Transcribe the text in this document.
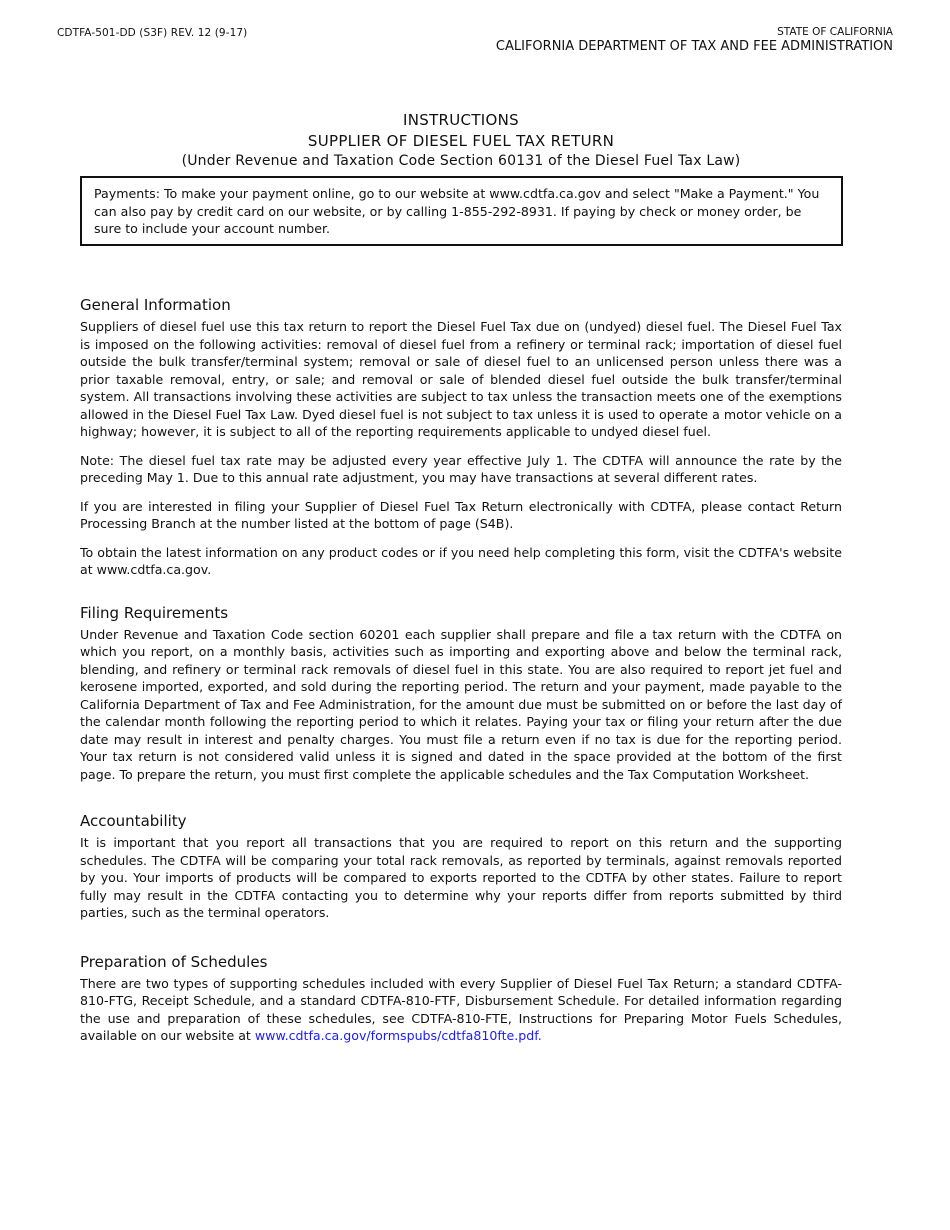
CDTFA-501-DD (S3F) REV. 12 (9-17)	STATE OF CALIFORNIA
CALIFORNIA DEPARTMENT OF TAX AND FEE ADMINISTRATION
INSTRUCTIONS
SUPPLIER OF DIESEL FUEL TAX RETURN
(Under Revenue and Taxation Code Section 60131 of the Diesel Fuel Tax Law)
Payments: To make your payment online, go to our website at www.cdtfa.ca.gov and select "Make a Payment." You can also pay by credit card on our website, or by calling 1-855-292-8931. If paying by check or money order, be sure to include your account number.
General Information

Suppliers of diesel fuel use this tax return to report the Diesel Fuel Tax due on (undyed) diesel fuel. The Diesel Fuel Tax is imposed on the following activities: removal of diesel fuel from a refinery or terminal rack; importation of diesel fuel outside the bulk transfer/terminal system; removal or sale of diesel fuel to an unlicensed person unless there was a prior taxable removal, entry, or sale; and removal or sale of blended diesel fuel outside the bulk transfer/terminal system. All transactions involving these activities are subject to tax unless the transaction meets one of the exemptions allowed in the Diesel Fuel Tax Law. Dyed diesel fuel is not subject to tax unless it is used to operate a motor vehicle on a highway; however, it is subject to all of the reporting requirements applicable to undyed diesel fuel.

Note: The diesel fuel tax rate may be adjusted every year effective July 1. The CDTFA will announce the rate by the preceding May 1. Due to this annual rate adjustment, you may have transactions at several different rates.

If you are interested in filing your Supplier of Diesel Fuel Tax Return electronically with CDTFA, please contact Return Processing Branch at the number listed at the bottom of page (S4B).

To obtain the latest information on any product codes or if you need help completing this form, visit the CDTFA's website at www.cdtfa.ca.gov.

Filing Requirements

Under Revenue and Taxation Code section 60201 each supplier shall prepare and file a tax return with the CDTFA on which you report, on a monthly basis, activities such as importing and exporting above and below the terminal rack, blending, and refinery or terminal rack removals of diesel fuel in this state. You are also required to report jet fuel and kerosene imported, exported, and sold during the reporting period. The return and your payment, made payable to the California Department of Tax and Fee Administration, for the amount due must be submitted on or before the last day of the calendar month following the reporting period to which it relates. Paying your tax or filing your return after the due date may result in interest and penalty charges. You must file a return even if no tax is due for the reporting period. Your tax return is not considered valid unless it is signed and dated in the space provided at the bottom of the first page. To prepare the return, you must first complete the applicable schedules and the Tax Computation Worksheet.

Accountability

It is important that you report all transactions that you are required to report on this return and the supporting schedules. The CDTFA will be comparing your total rack removals, as reported by terminals, against removals reported by you. Your imports of products will be compared to exports reported to the CDTFA by other states. Failure to report fully may result in the CDTFA contacting you to determine why your reports differ from reports submitted by third parties, such as the terminal operators.

Preparation of Schedules

There are two types of supporting schedules included with every Supplier of Diesel Fuel Tax Return; a standard CDTFA-810-FTG, Receipt Schedule, and a standard CDTFA-810-FTF, Disbursement Schedule. For detailed information regarding the use and preparation of these schedules, see CDTFA-810-FTE, Instructions for Preparing Motor Fuels Schedules, available on our website at www.cdtfa.ca.gov/formspubs/cdtfa810fte.pdf.
